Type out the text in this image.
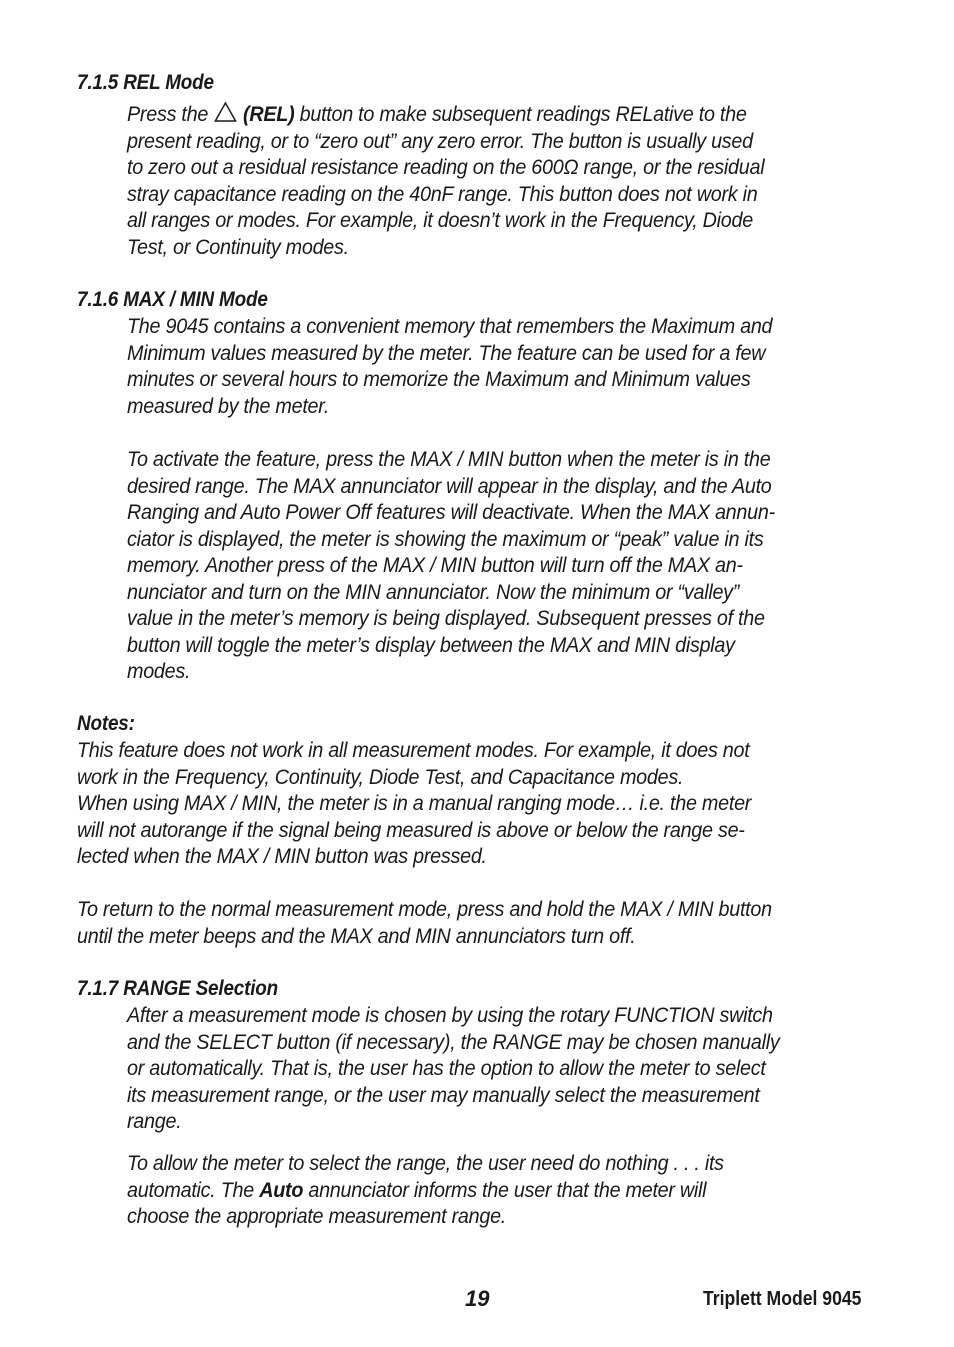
7.1.5 REL Mode
Press the (REL) button to make subsequent readings RELative to the
present reading, or to “zero out” any zero error. The button is usually used
to zero out a residual resistance reading on the 600Ω range, or the residual
stray capacitance reading on the 40nF range. This button does not work in
all ranges or modes. For example, it doesn’t work in the Frequency, Diode
Test, or Continuity modes.
7.1.6 MAX / MIN Mode
The 9045 contains a convenient memory that remembers the Maximum and
Minimum values measured by the meter. The feature can be used for a few
minutes or several hours to memorize the Maximum and Minimum values
measured by the meter.
To activate the feature, press the MAX / MIN button when the meter is in the
desired range. The MAX annunciator will appear in the display, and the Auto
Ranging and Auto Power Off features will deactivate. When the MAX annun-
ciator is displayed, the meter is showing the maximum or “peak” value in its
memory. Another press of the MAX / MIN button will turn off the MAX an-
nunciator and turn on the MIN annunciator. Now the minimum or “valley”
value in the meter’s memory is being displayed. Subsequent presses of the
button will toggle the meter’s display between the MAX and MIN display
modes.
Notes:
This feature does not work in all measurement modes. For example, it does not
work in the Frequency, Continuity, Diode Test, and Capacitance modes.
When using MAX / MIN, the meter is in a manual ranging mode… i.e. the meter
will not autorange if the signal being measured is above or below the range se-
lected when the MAX / MIN button was pressed.
To return to the normal measurement mode, press and hold the MAX / MIN button
until the meter beeps and the MAX and MIN annunciators turn off.
7.1.7 RANGE Selection
After a measurement mode is chosen by using the rotary FUNCTION switch
and the SELECT button (if necessary), the RANGE may be chosen manually
or automatically. That is, the user has the option to allow the meter to select
its measurement range, or the user may manually select the measurement
range.
To allow the meter to select the range, the user need do nothing . . . its
automatic. The Auto annunciator informs the user that the meter will
choose the appropriate measurement range.

19	Triplett Model 9045
